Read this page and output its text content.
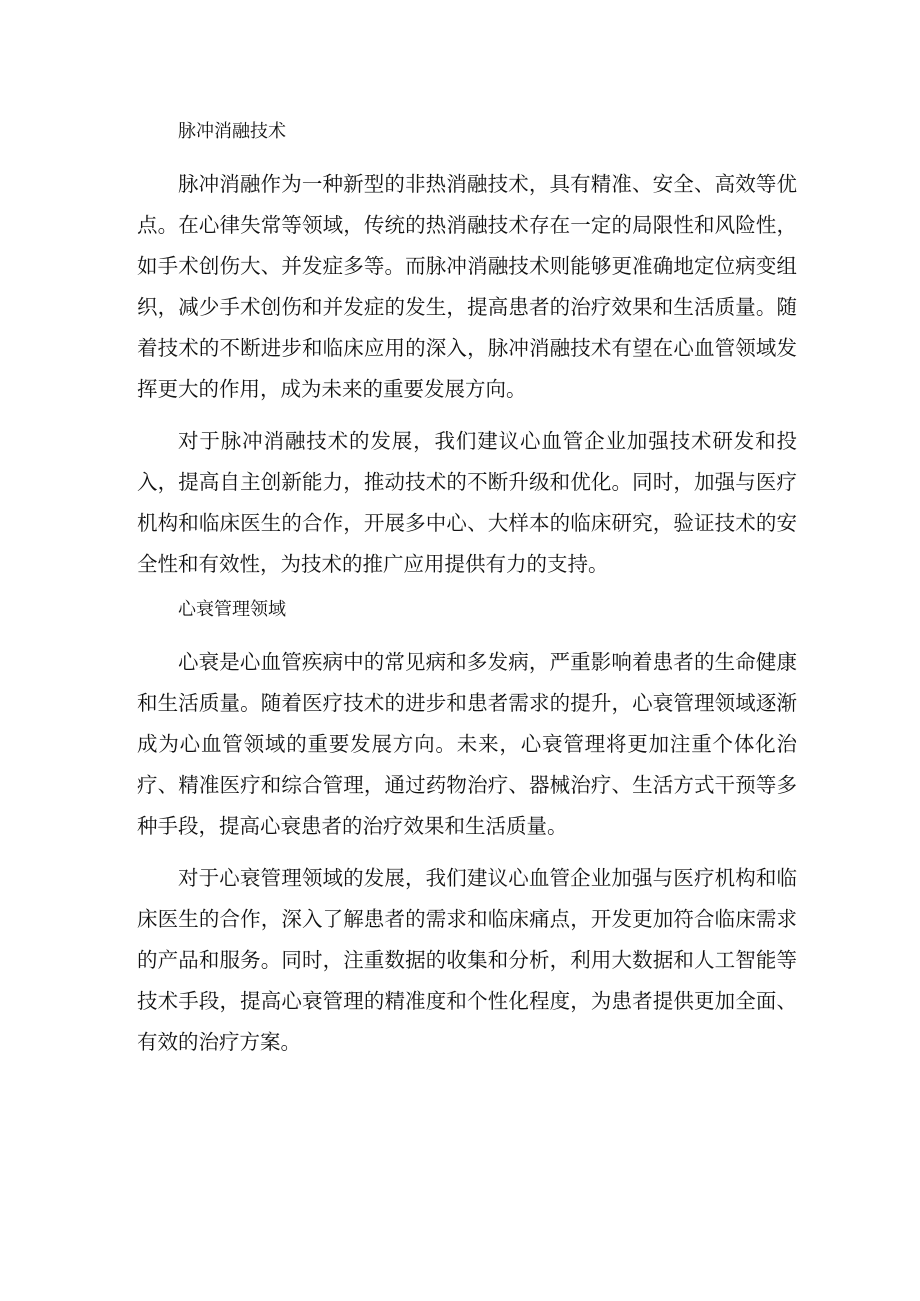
脉冲消融技术

脉冲消融作为一种新型的非热消融技术，具有精准、安全、高效等优点。在心律失常等领域，传统的热消融技术存在一定的局限性和风险性，如手术创伤大、并发症多等。而脉冲消融技术则能够更准确地定位病变组织，减少手术创伤和并发症的发生，提高患者的治疗效果和生活质量。随着技术的不断进步和临床应用的深入，脉冲消融技术有望在心血管领域发挥更大的作用，成为未来的重要发展方向。

对于脉冲消融技术的发展，我们建议心血管企业加强技术研发和投入，提高自主创新能力，推动技术的不断升级和优化。同时，加强与医疗机构和临床医生的合作，开展多中心、大样本的临床研究，验证技术的安全性和有效性，为技术的推广应用提供有力的支持。

心衰管理领域

心衰是心血管疾病中的常见病和多发病，严重影响着患者的生命健康和生活质量。随着医疗技术的进步和患者需求的提升，心衰管理领域逐渐成为心血管领域的重要发展方向。未来，心衰管理将更加注重个体化治疗、精准医疗和综合管理，通过药物治疗、器械治疗、生活方式干预等多种手段，提高心衰患者的治疗效果和生活质量。

对于心衰管理领域的发展，我们建议心血管企业加强与医疗机构和临床医生的合作，深入了解患者的需求和临床痛点，开发更加符合临床需求的产品和服务。同时，注重数据的收集和分析，利用大数据和人工智能等技术手段，提高心衰管理的精准度和个性化程度，为患者提供更加全面、有效的治疗方案。
